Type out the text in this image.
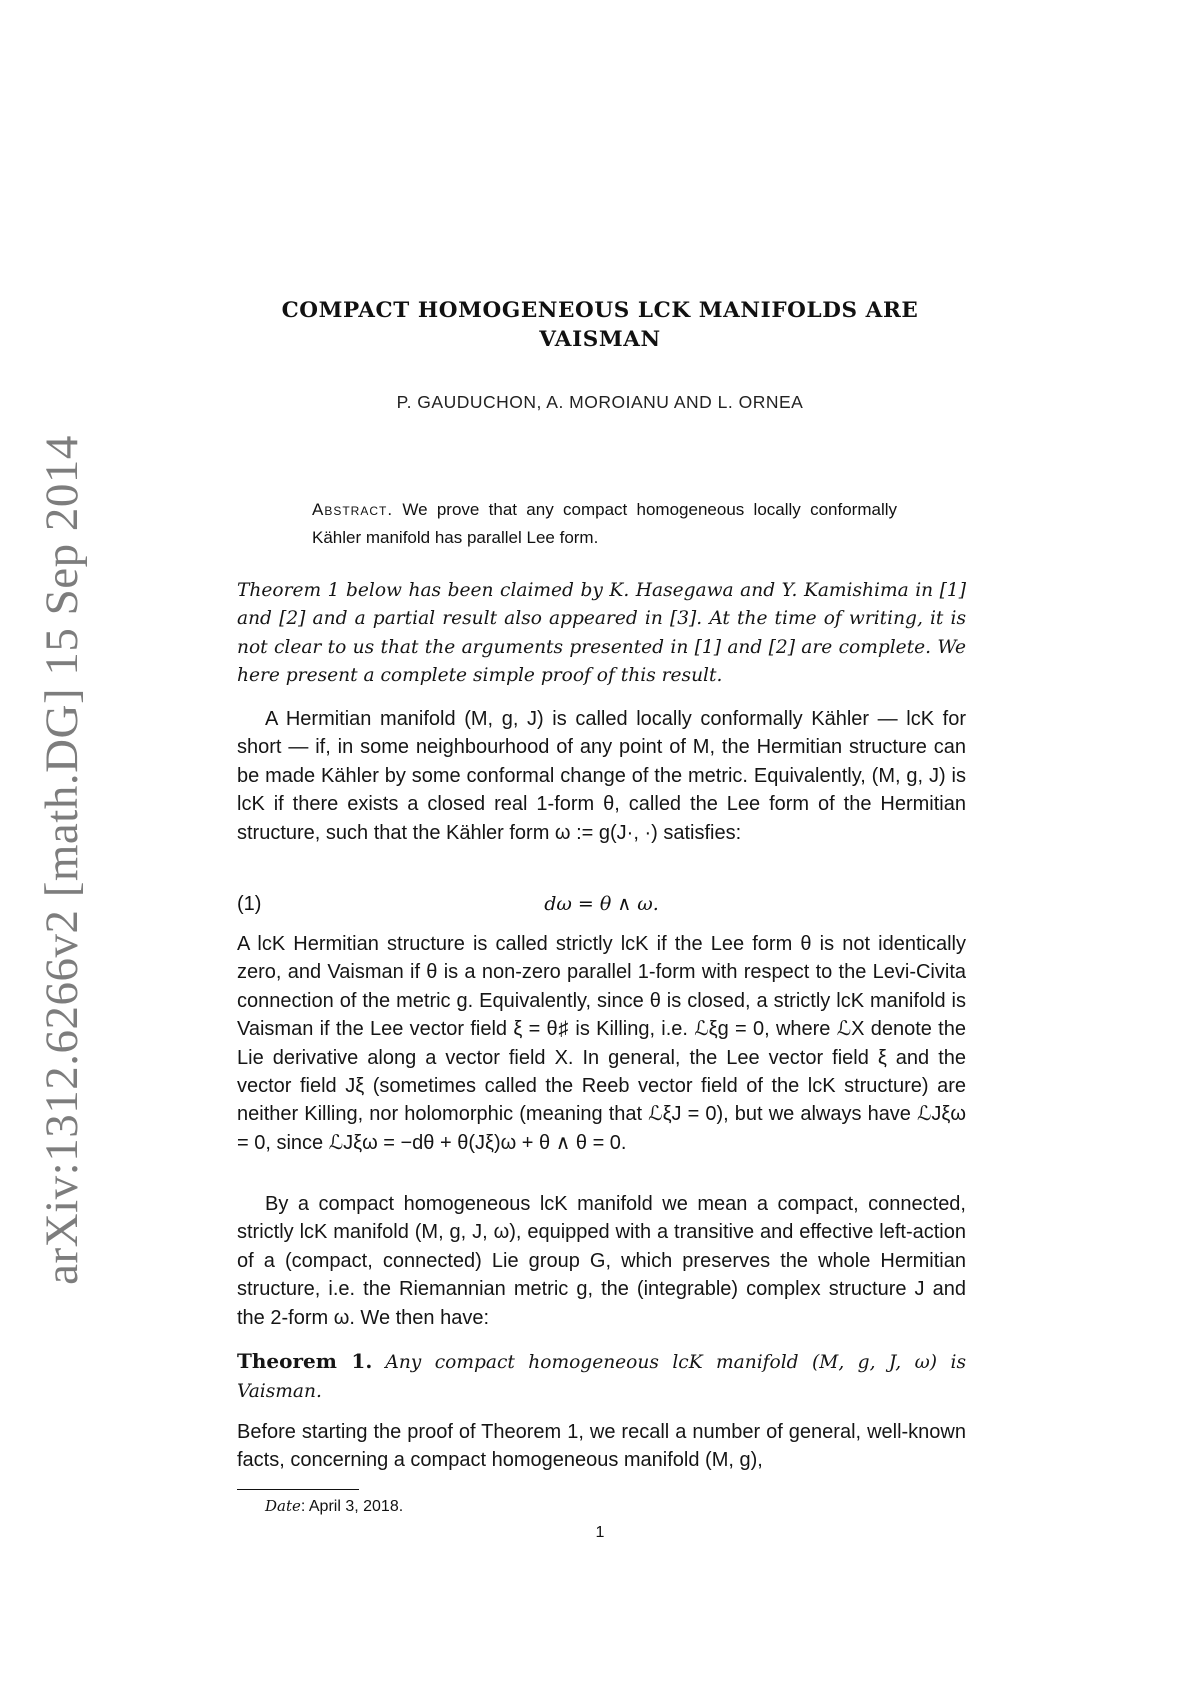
arXiv:1312.6266v2 [math.DG] 15 Sep 2014
COMPACT HOMOGENEOUS LCK MANIFOLDS ARE
VAISMAN
P. GAUDUCHON, A. MOROIANU AND L. ORNEA
Abstract. We prove that any compact homogeneous locally conformally Kähler manifold has parallel Lee form.
Theorem 1 below has been claimed by K. Hasegawa and Y. Kamishima in [1] and [2] and a partial result also appeared in [3]. At the time of writing, it is not clear to us that the arguments presented in [1] and [2] are complete. We here present a complete simple proof of this result.
A Hermitian manifold (M, g, J) is called locally conformally Kähler — lcK for short — if, in some neighbourhood of any point of M, the Hermitian structure can be made Kähler by some conformal change of the metric. Equivalently, (M, g, J) is lcK if there exists a closed real 1-form θ, called the Lee form of the Hermitian structure, such that the Kähler form ω := g(J·, ·) satisfies:
(1)	dω = θ ∧ ω.
A lcK Hermitian structure is called strictly lcK if the Lee form θ is not identically zero, and Vaisman if θ is a non-zero parallel 1-form with respect to the Levi-Civita connection of the metric g. Equivalently, since θ is closed, a strictly lcK manifold is Vaisman if the Lee vector field ξ = θ♯ is Killing, i.e. ℒξg = 0, where ℒX denote the Lie derivative along a vector field X. In general, the Lee vector field ξ and the vector field Jξ (sometimes called the Reeb vector field of the lcK structure) are neither Killing, nor holomorphic (meaning that ℒξJ = 0), but we always have ℒJξω = 0, since ℒJξω = −dθ + θ(Jξ)ω + θ ∧ θ = 0.
By a compact homogeneous lcK manifold we mean a compact, connected, strictly lcK manifold (M, g, J, ω), equipped with a transitive and effective left-action of a (compact, connected) Lie group G, which preserves the whole Hermitian structure, i.e. the Riemannian metric g, the (integrable) complex structure J and the 2-form ω. We then have:
Theorem 1. Any compact homogeneous lcK manifold (M, g, J, ω) is Vaisman.
Before starting the proof of Theorem 1, we recall a number of general, well-known facts, concerning a compact homogeneous manifold (M, g),
Date: April 3, 2018.
1
